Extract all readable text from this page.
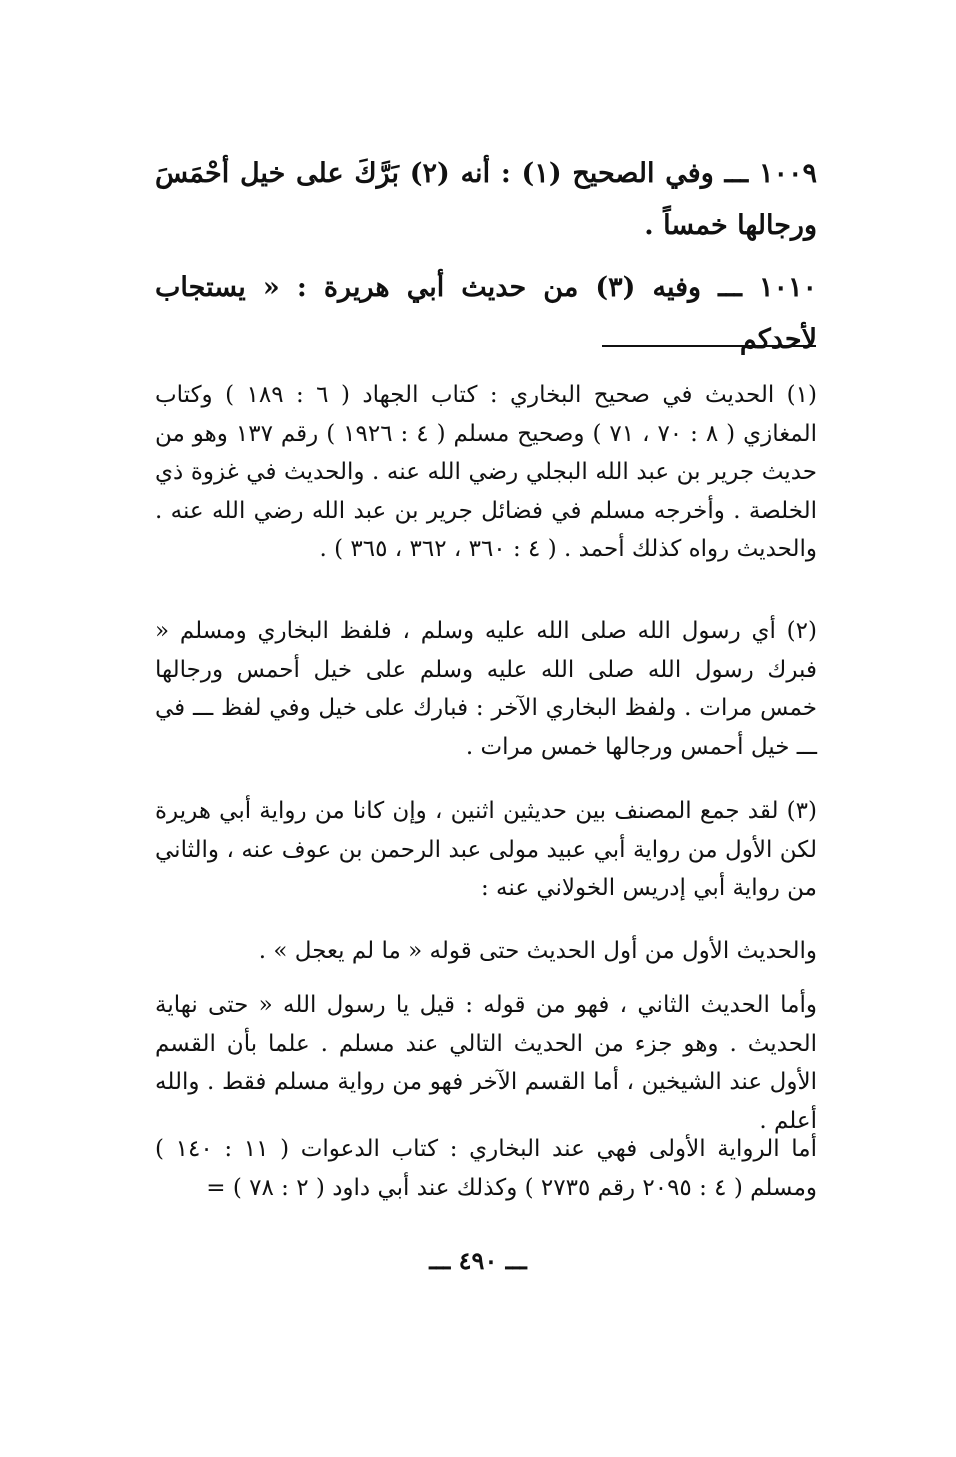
١٠٠٩ ـــ وفي الصحيح (١) : أنه (٢) بَرَّكَ على خيل أحْمَسَ ورجالها خمساً .
١٠١٠ ـــ وفيه (٣) من حديث أبي هريرة : « يستجاب لأحدكم
(١) الحديث في صحيح البخاري : كتاب الجهاد ( ٦ : ١٨٩ ) وكتاب المغازي ( ٨ : ٧٠ ، ٧١ ) وصحيح مسلم ( ٤ : ١٩٢٦ ) رقم ١٣٧ وهو من حديث جرير بن عبد الله البجلي رضي الله عنه . والحديث في غزوة ذي الخلصة . وأخرجه مسلم في فضائل جرير بن عبد الله رضي الله عنه . والحديث رواه كذلك أحمد . ( ٤ : ٣٦٠ ، ٣٦٢ ، ٣٦٥ ) .
(٢) أي رسول الله صلى الله عليه وسلم ، فلفظ البخاري ومسلم « فبرك رسول الله صلى الله عليه وسلم على خيل أحمس ورجالها خمس مرات . ولفظ البخاري الآخر : فبارك على خيل وفي لفظ ـــ في ـــ خيل أحمس ورجالها خمس مرات .
(٣) لقد جمع المصنف بين حديثين اثنين ، وإن كانا من رواية أبي هريرة لكن الأول من رواية أبي عبيد مولى عبد الرحمن بن عوف عنه ، والثاني من رواية أبي إدريس الخولاني عنه :
والحديث الأول من أول الحديث حتى قوله « ما لم يعجل » .
وأما الحديث الثاني ، فهو من قوله : قيل يا رسول الله « حتى نهاية الحديث . وهو جزء من الحديث التالي عند مسلم . علما بأن القسم الأول عند الشيخين ، أما القسم الآخر فهو من رواية مسلم فقط . والله أعلم .
أما الرواية الأولى فهي عند البخاري : كتاب الدعوات ( ١١ : ١٤٠ ) ومسلم ( ٤ : ٢٠٩٥ رقم ٢٧٣٥ ) وكذلك عند أبي داود ( ٢ : ٧٨ ) =
ـــ ٤٩٠ ـــ
